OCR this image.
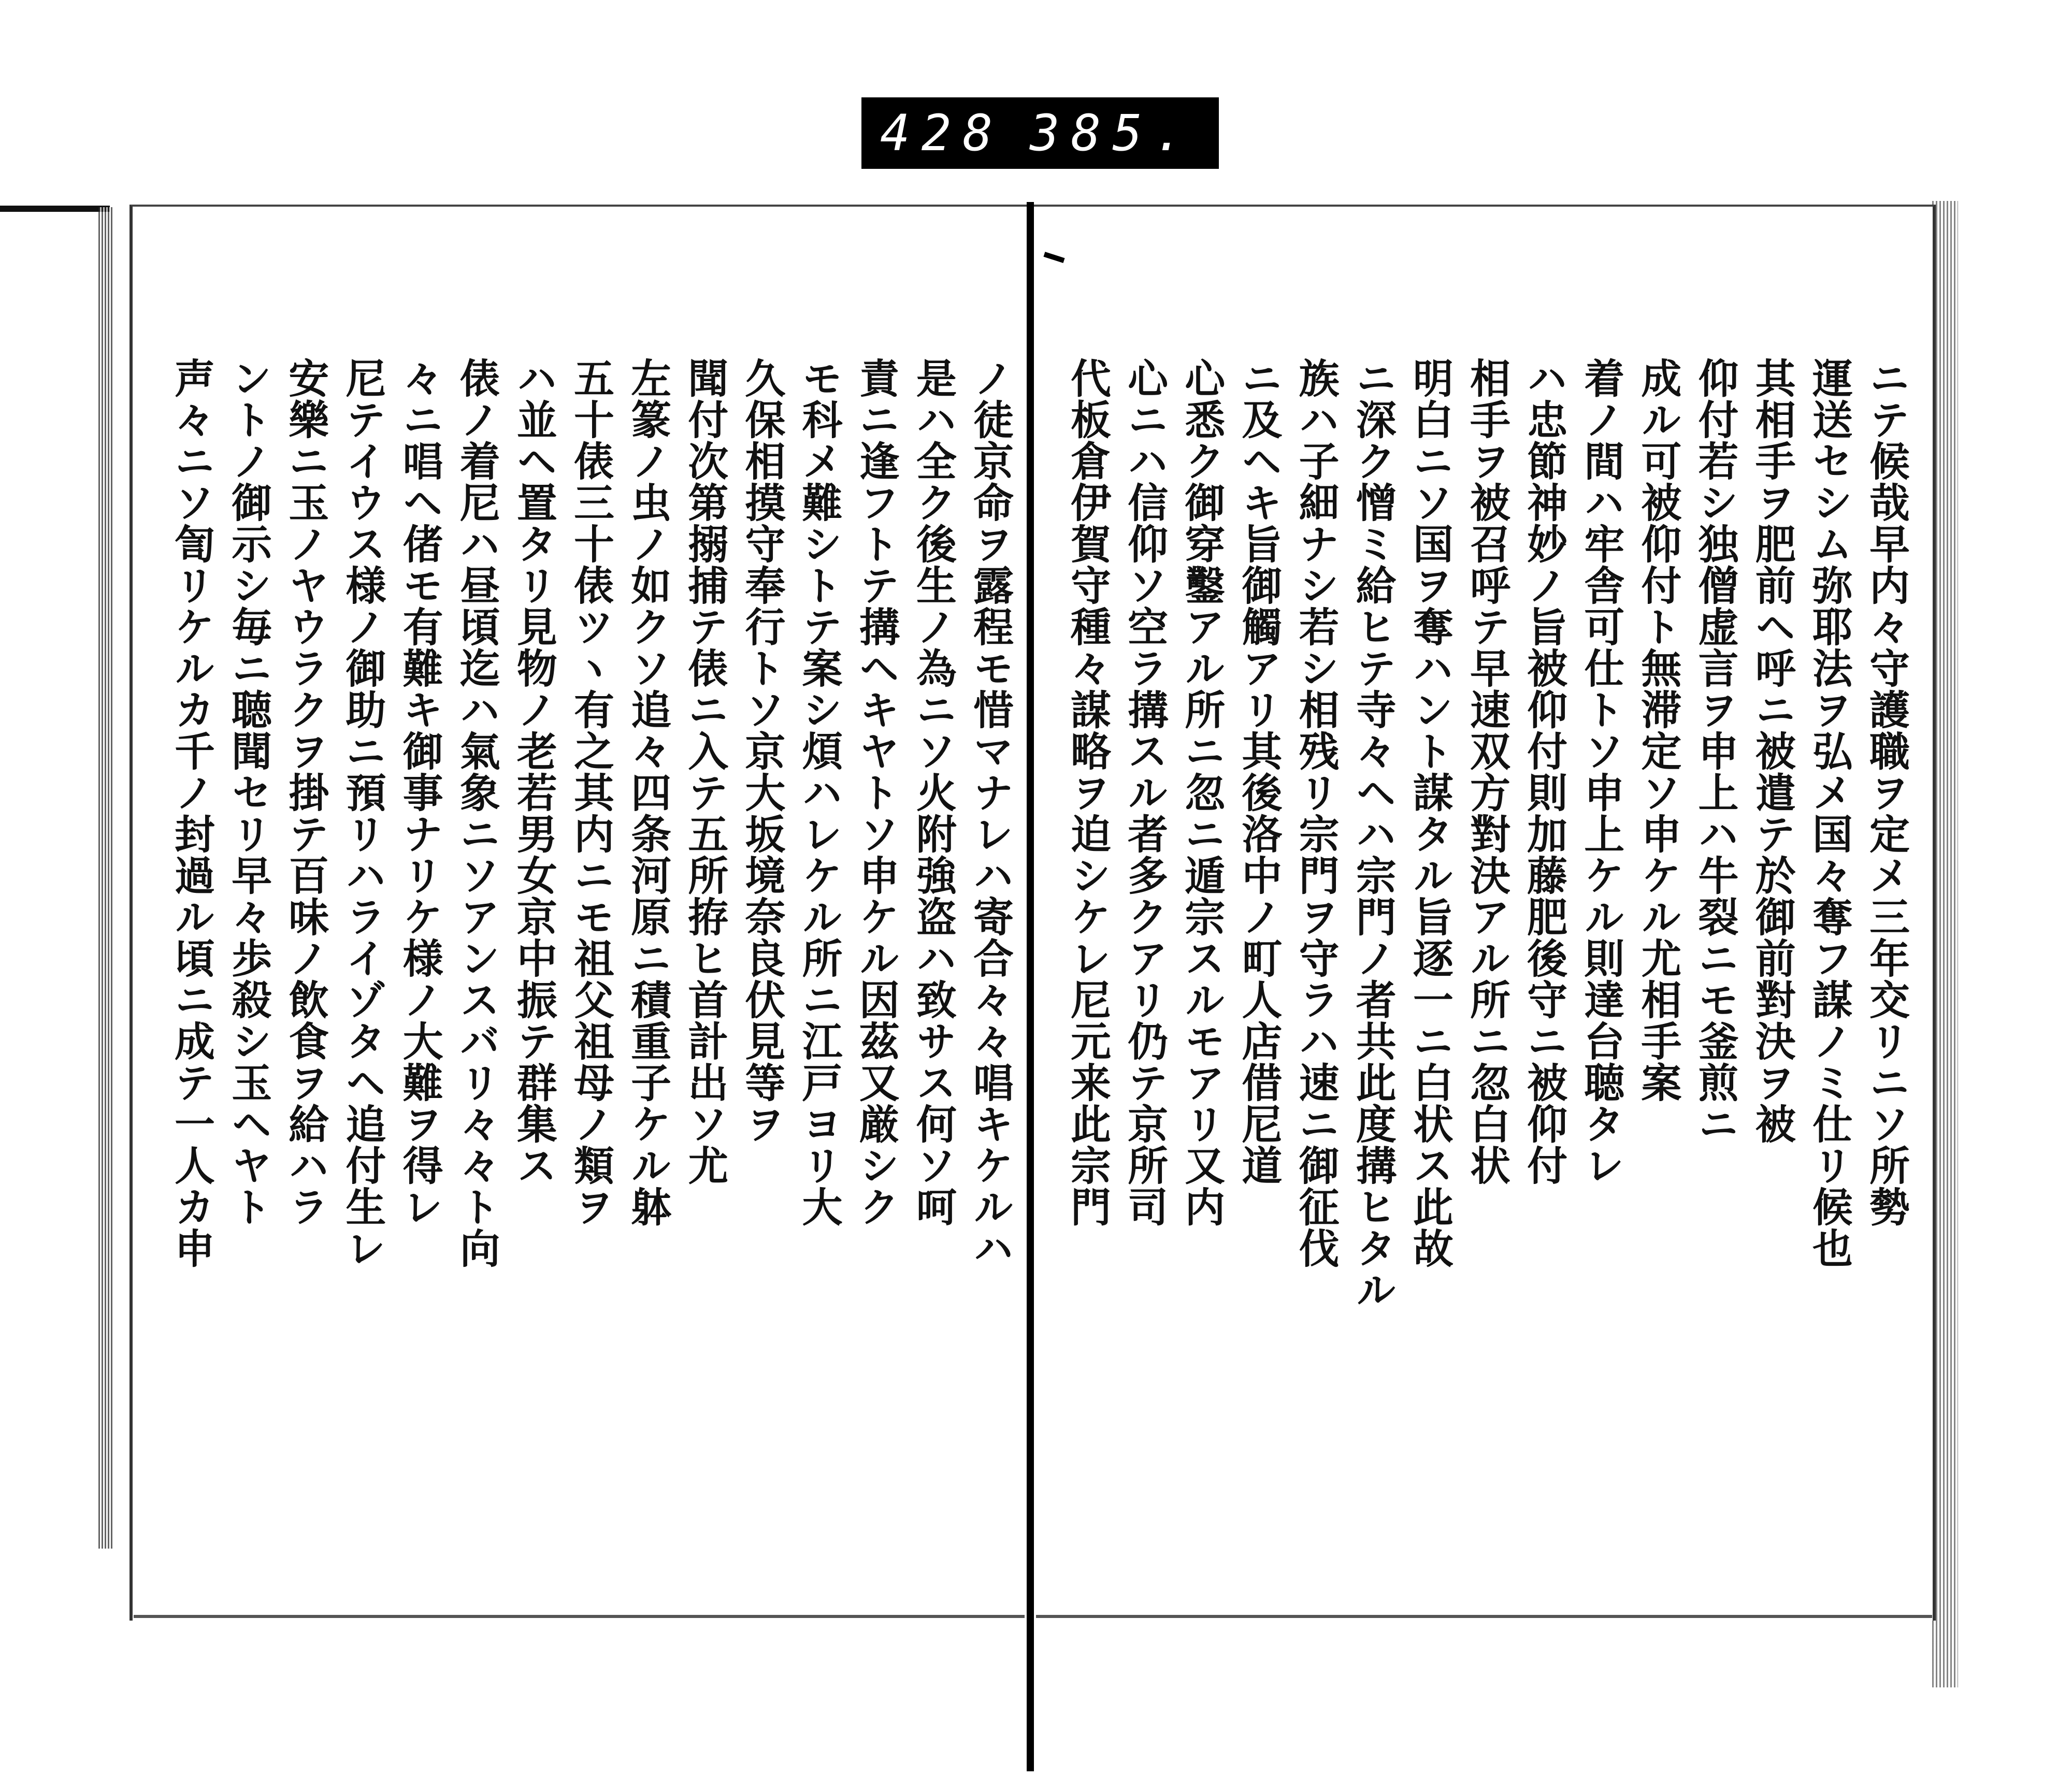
428 385.
ニテ候哉早内々守護職ヲ定メ三年交リニソ所勢
運送セシム弥耶法ヲ弘メ国々奪フ謀ノミ仕リ候也
其相手ヲ肥前ヘ呼ニ被遣テ於御前對決ヲ被
仰付若シ独僧虚言ヲ申上ハ牛裂ニモ釜煎ニ
成ル可被仰付ト無滞定ソ申ケル尤相手案
着ノ間ハ牢舎可仕トソ申上ケル則達台聴タレ
ハ忠節神妙ノ旨被仰付則加藤肥後守ニ被仰付
相手ヲ被召呼テ早速双方對決アル所ニ忽白状
明白ニソ国ヲ奪ハント謀タル旨逐一ニ白状ス此故
ニ深ク憎ミ給ヒテ寺々ヘハ宗門ノ者共此度搆ヒタル
族ハ子細ナシ若シ相残リ宗門ヲ守ラハ速ニ御征伐
ニ及ヘキ旨御觸アリ其後洛中ノ町人店借尼道
心悉ク御穿鑿アル所ニ忽ニ遁宗スルモアリ又内
心ニハ信仰ソ空ラ搆スル者多クアリ仍テ京所司
代板倉伊賀守種々謀略ヲ迫シケレ尼元来此宗門
ノ徒京命ヲ露程モ惜マナレハ寄合々々唱キケルハ
是ハ全ク後生ノ為ニソ火附強盗ハ致サス何ソ呵
責ニ逢フトテ搆ヘキヤトソ申ケル因茲又厳シク
モ科メ難シトテ案シ煩ハレケル所ニ江戸ヨリ大
久保相摸守奉行トソ京大坂境奈良伏見等ヲ
聞付次第搦捕テ俵ニ入テ五所拵ヒ首計出ソ尤
左篆ノ虫ノ如クソ追々四条河原ニ積重子ケル躰
五十俵三十俵ツヽ有之其内ニモ祖父祖母ノ類ヲ
ハ並ヘ置タリ見物ノ老若男女京中振テ群集ス
俵ノ着尼ハ昼頃迄ハ氣象ニソアンスバリ々々ト向
々ニ唱ヘ偖モ有難キ御事ナリケ様ノ大難ヲ得レ
尼テイウス様ノ御助ニ預リハライゾタヘ追付生レ
安樂ニ玉ノヤウラクヲ掛テ百味ノ飲食ヲ給ハラ
ントノ御示シ毎ニ聴聞セリ早々歩殺シ玉ヘヤト
声々ニソ訇リケルカ千ノ封過ル頃ニ成テ一人カ申
